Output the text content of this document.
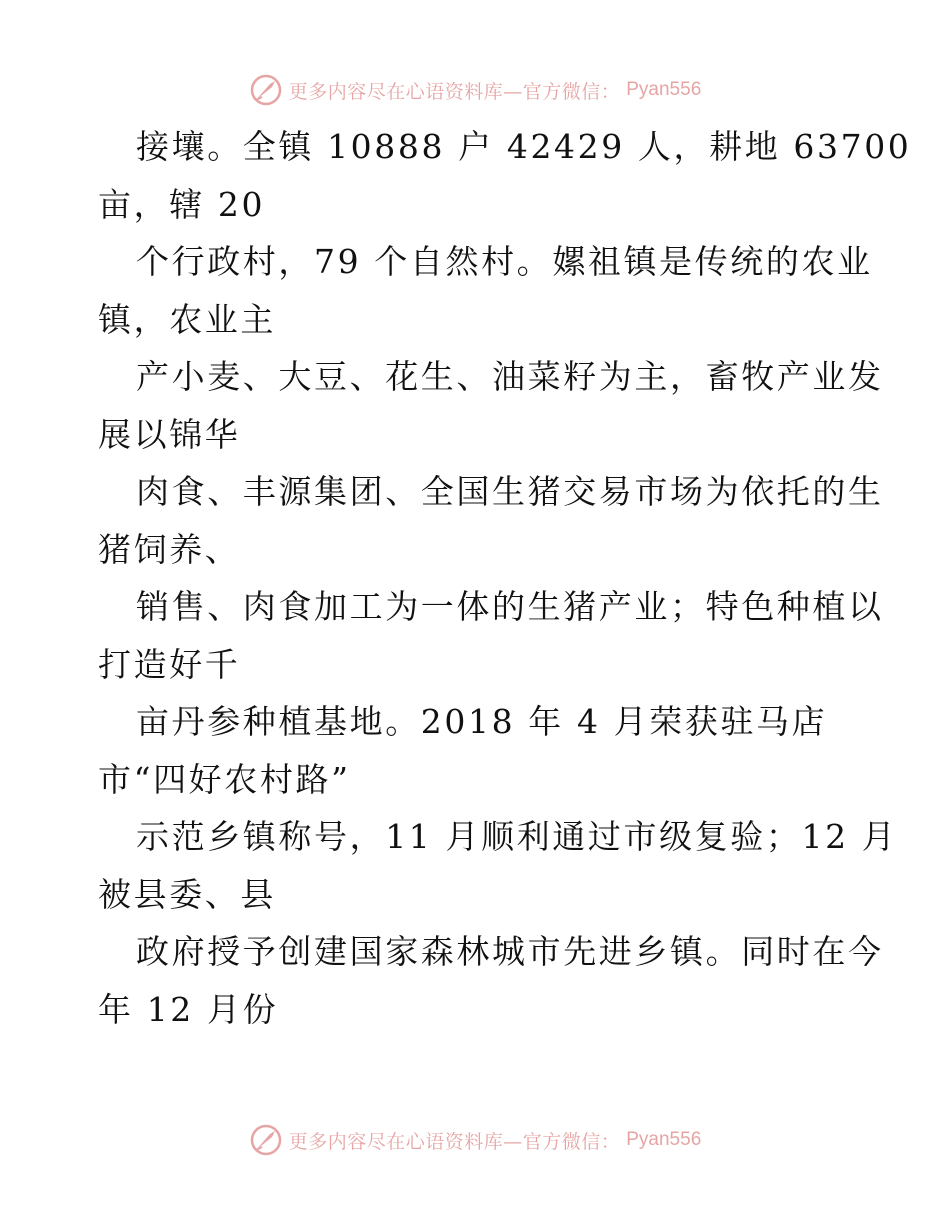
更多内容尽在心语资料库—官方微信： Pyan556

接壤。全镇 10888 户 42429 人，耕地 63700
亩，辖 20

个行政村，79 个自然村。嫘祖镇是传统的农业
镇，农业主

产小麦、大豆、花生、油菜籽为主，畜牧产业发
展以锦华

肉食、丰源集团、全国生猪交易市场为依托的生
猪饲养、

销售、肉食加工为一体的生猪产业；特色种植以
打造好千

亩丹参种植基地。2018 年 4 月荣获驻马店
市“四好农村路”

示范乡镇称号，11 月顺利通过市级复验；12 月
被县委、县

政府授予创建国家森林城市先进乡镇。同时在今
年 12 月份

更多内容尽在心语资料库—官方微信： Pyan556
